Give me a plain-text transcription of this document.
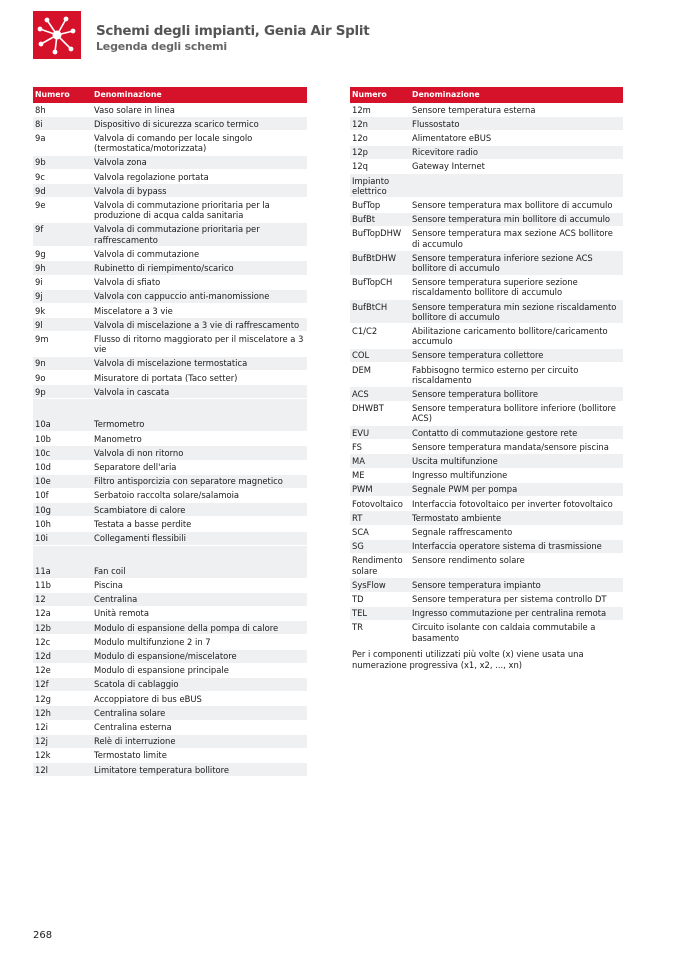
Schemi degli impianti, Genia Air Split
Legenda degli schemi
Numero	Denominazione
8h	Vaso solare in linea
8i	Dispositivo di sicurezza scarico termico
9a	Valvola di comando per locale singolo (termostatica/motorizzata)
9b	Valvola zona
9c	Valvola regolazione portata
9d	Valvola di bypass
9e	Valvola di commutazione prioritaria per la produzione di acqua calda sanitaria
9f	Valvola di commutazione prioritaria per raffrescamento
9g	Valvola di commutazione
9h	Rubinetto di riempimento/scarico
9i	Valvola di sfiato
9j	Valvola con cappuccio anti-manomissione
9k	Miscelatore a 3 vie
9l	Valvola di miscelazione a 3 vie di raffrescamento
9m	Flusso di ritorno maggiorato per il miscelatore a 3 vie
9n	Valvola di miscelazione termostatica
9o	Misuratore di portata (Taco setter)
9p	Valvola in cascata

10a	Termometro
10b	Manometro
10c	Valvola di non ritorno
10d	Separatore dell'aria
10e	Filtro antisporcizia con separatore magnetico
10f	Serbatoio raccolta solare/salamoia
10g	Scambiatore di calore
10h	Testata a basse perdite
10i	Collegamenti flessibili

11a	Fan coil
11b	Piscina
12	Centralina
12a	Unità remota
12b	Modulo di espansione della pompa di calore
12c	Modulo multifunzione 2 in 7
12d	Modulo di espansione/miscelatore
12e	Modulo di espansione principale
12f	Scatola di cablaggio
12g	Accoppiatore di bus eBUS
12h	Centralina solare
12i	Centralina esterna
12j	Relè di interruzione
12k	Termostato limite
12l	Limitatore temperatura bollitore
Numero	Denominazione
12m	Sensore temperatura esterna
12n	Flussostato
12o	Alimentatore eBUS
12p	Ricevitore radio
12q	Gateway Internet
Impianto elettrico	
BufTop	Sensore temperatura max bollitore di accumulo
BufBt	Sensore temperatura min bollitore di accumulo
BufTopDHW	Sensore temperatura max sezione ACS bollitore di accumulo
BufBtDHW	Sensore temperatura inferiore sezione ACS bollitore di accumulo
BufTopCH	Sensore temperatura superiore sezione riscaldamento bollitore di accumulo
BufBtCH	Sensore temperatura min sezione riscaldamento bollitore di accumulo
C1/C2	Abilitazione caricamento bollitore/caricamento accumulo
COL	Sensore temperatura collettore
DEM	Fabbisogno termico esterno per circuito riscaldamento
ACS	Sensore temperatura bollitore
DHWBT	Sensore temperatura bollitore inferiore (bollitore ACS)
EVU	Contatto di commutazione gestore rete
FS	Sensore temperatura mandata/sensore piscina
MA	Uscita multifunzione
ME	Ingresso multifunzione
PWM	Segnale PWM per pompa
Fotovoltaico	Interfaccia fotovoltaico per inverter fotovoltaico
RT	Termostato ambiente
SCA	Segnale raffrescamento
SG	Interfaccia operatore sistema di trasmissione
Rendimento solare	Sensore rendimento solare
SysFlow	Sensore temperatura impianto
TD	Sensore temperatura per sistema controllo DT
TEL	Ingresso commutazione per centralina remota
TR	Circuito isolante con caldaia commutabile a basamento
Per i componenti utilizzati più volte (x) viene usata una numerazione progressiva (x1, x2, ..., xn)	
268
